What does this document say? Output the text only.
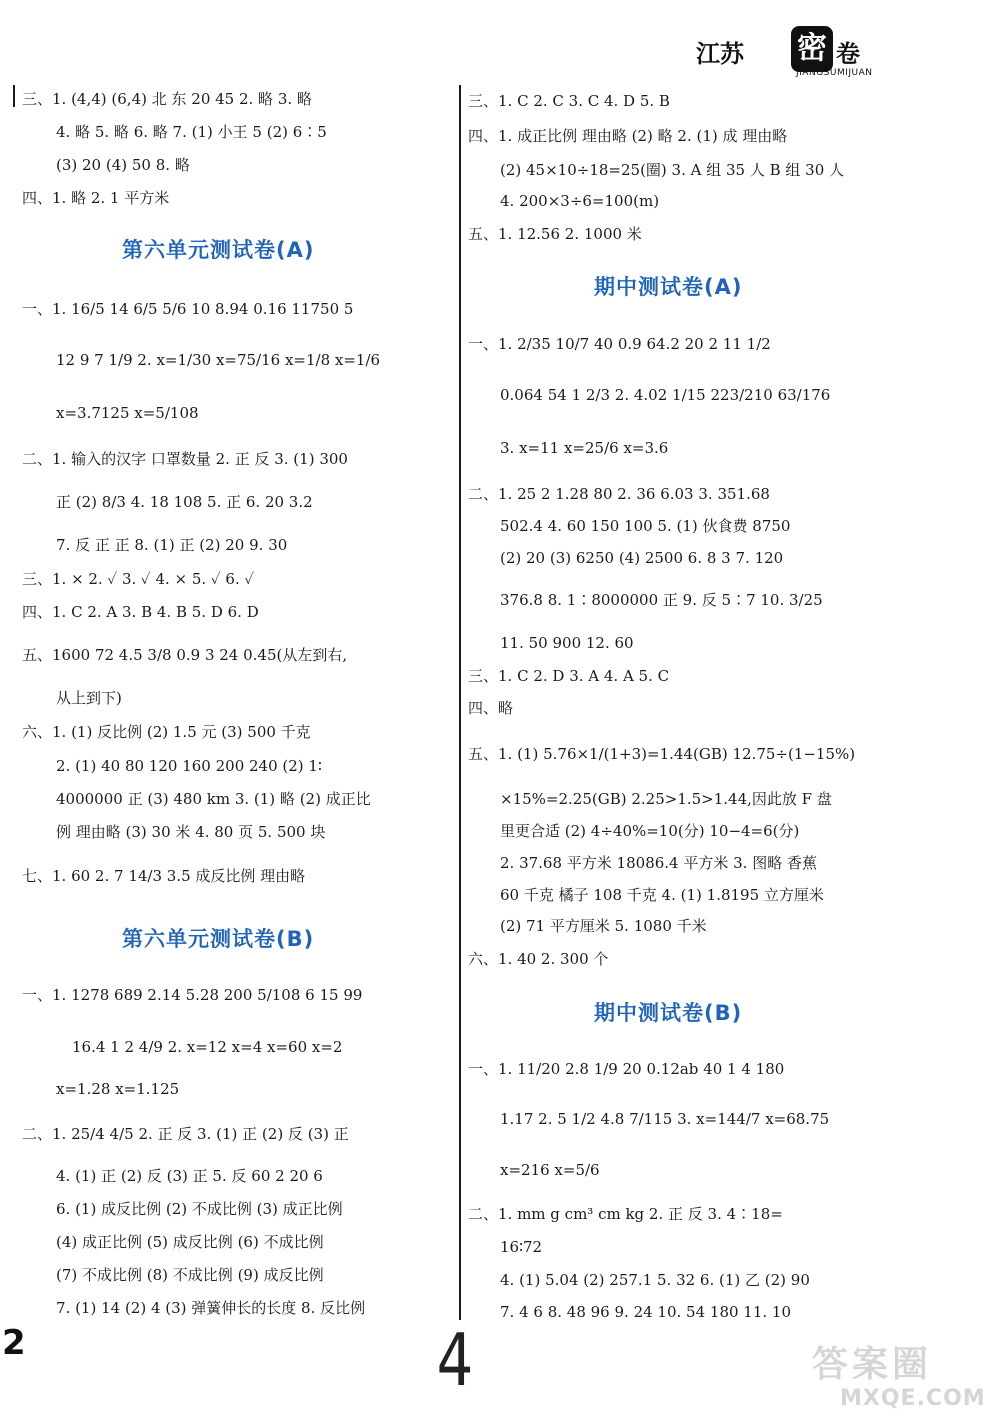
江苏 密 卷
JIANGSUMIJUAN
三、1. (4,4) (6,4) 北 东 20 45 2. 略 3. 略
4. 略 5. 略 6. 略 7. (1) 小王 5 (2) 6∶5
(3) 20 (4) 50 8. 略
四、1. 略 2. 1 平方米
第六单元测试卷(A)
一、1. 16/5 14 6/5 5/6 10 8.94 0.16 11750 5
12 9 7 1/9 2. x=1/30 x=75/16 x=1/8 x=1/6
x=3.7125 x=5/108
二、1. 输入的汉字 口罩数量 2. 正 反 3. (1) 300
正 (2) 8/3 4. 18 108 5. 正 6. 20 3.2
7. 反 正 正 8. (1) 正 (2) 20 9. 30
三、1. × 2. ✓ 3. ✓ 4. × 5. ✓ 6. ✓
四、1. C 2. A 3. B 4. B 5. D 6. D
五、1600 72 4.5 3/8 0.9 3 24 0.45(从左到右,
从上到下)
六、1. (1) 反比例 (2) 1.5 元 (3) 500 千克
2. (1) 40 80 120 160 200 240 (2) 1∶
4000000 正 (3) 480 km 3. (1) 略 (2) 成正比
例 理由略 (3) 30 米 4. 80 页 5. 500 块
七、1. 60 2. 7 14/3 3.5 成反比例 理由略
第六单元测试卷(B)
一、1. 1278 689 2.14 5.28 200 5/108 6 15 99
16.4 1 2 4/9 2. x=12 x=4 x=60 x=2
x=1.28 x=1.125
二、1. 25/4 4/5 2. 正 反 3. (1) 正 (2) 反 (3) 正
4. (1) 正 (2) 反 (3) 正 5. 反 60 2 20 6
6. (1) 成反比例 (2) 不成比例 (3) 成正比例
(4) 成正比例 (5) 成反比例 (6) 不成比例
(7) 不成比例 (8) 不成比例 (9) 成反比例
7. (1) 14 (2) 4 (3) 弹簧伸长的长度 8. 反比例
三、1. C 2. C 3. C 4. D 5. B
四、1. 成正比例 理由略 (2) 略 2. (1) 成 理由略
(2) 45×10÷18=25(圈) 3. A 组 35 人 B 组 30 人
4. 200×3÷6=100(m)
五、1. 12.56 2. 1000 米
期中测试卷(A)
一、1. 2/35 10/7 40 0.9 64.2 20 2 11 1/2
0.064 54 1 2/3 2. 4.02 1/15 223/210 63/176
3. x=11 x=25/6 x=3.6
二、1. 25 2 1.28 80 2. 36 6.03 3. 351.68
502.4 4. 60 150 100 5. (1) 伙食费 8750
(2) 20 (3) 6250 (4) 2500 6. 8 3 7. 120
376.8 8. 1∶8000000 正 9. 反 5∶7 10. 3/25
11. 50 900 12. 60
三、1. C 2. D 3. A 4. A 5. C
四、略
五、1. (1) 5.76×1/(1+3)=1.44(GB) 12.75÷(1−15%)
×15%=2.25(GB) 2.25>1.5>1.44,因此放 F 盘
里更合适 (2) 4÷40%=10(分) 10−4=6(分)
2. 37.68 平方米 18086.4 平方米 3. 图略 香蕉
60 千克 橘子 108 千克 4. (1) 1.8195 立方厘米
(2) 71 平方厘米 5. 1080 千米
六、1. 40 2. 300 个
期中测试卷(B)
一、1. 11/20 2.8 1/9 20 0.12ab 40 1 4 180
1.17 2. 5 1/2 4.8 7/115 3. x=144/7 x=68.75
x=216 x=5/6
二、1. mm g cm³ cm kg 2. 正 反 3. 4∶18=
16∶72
4. (1) 5.04 (2) 257.1 5. 32 6. (1) 乙 (2) 90
7. 4 6 8. 48 96 9. 24 10. 54 180 11. 10
2	4	答案圈
MXQE.COM
